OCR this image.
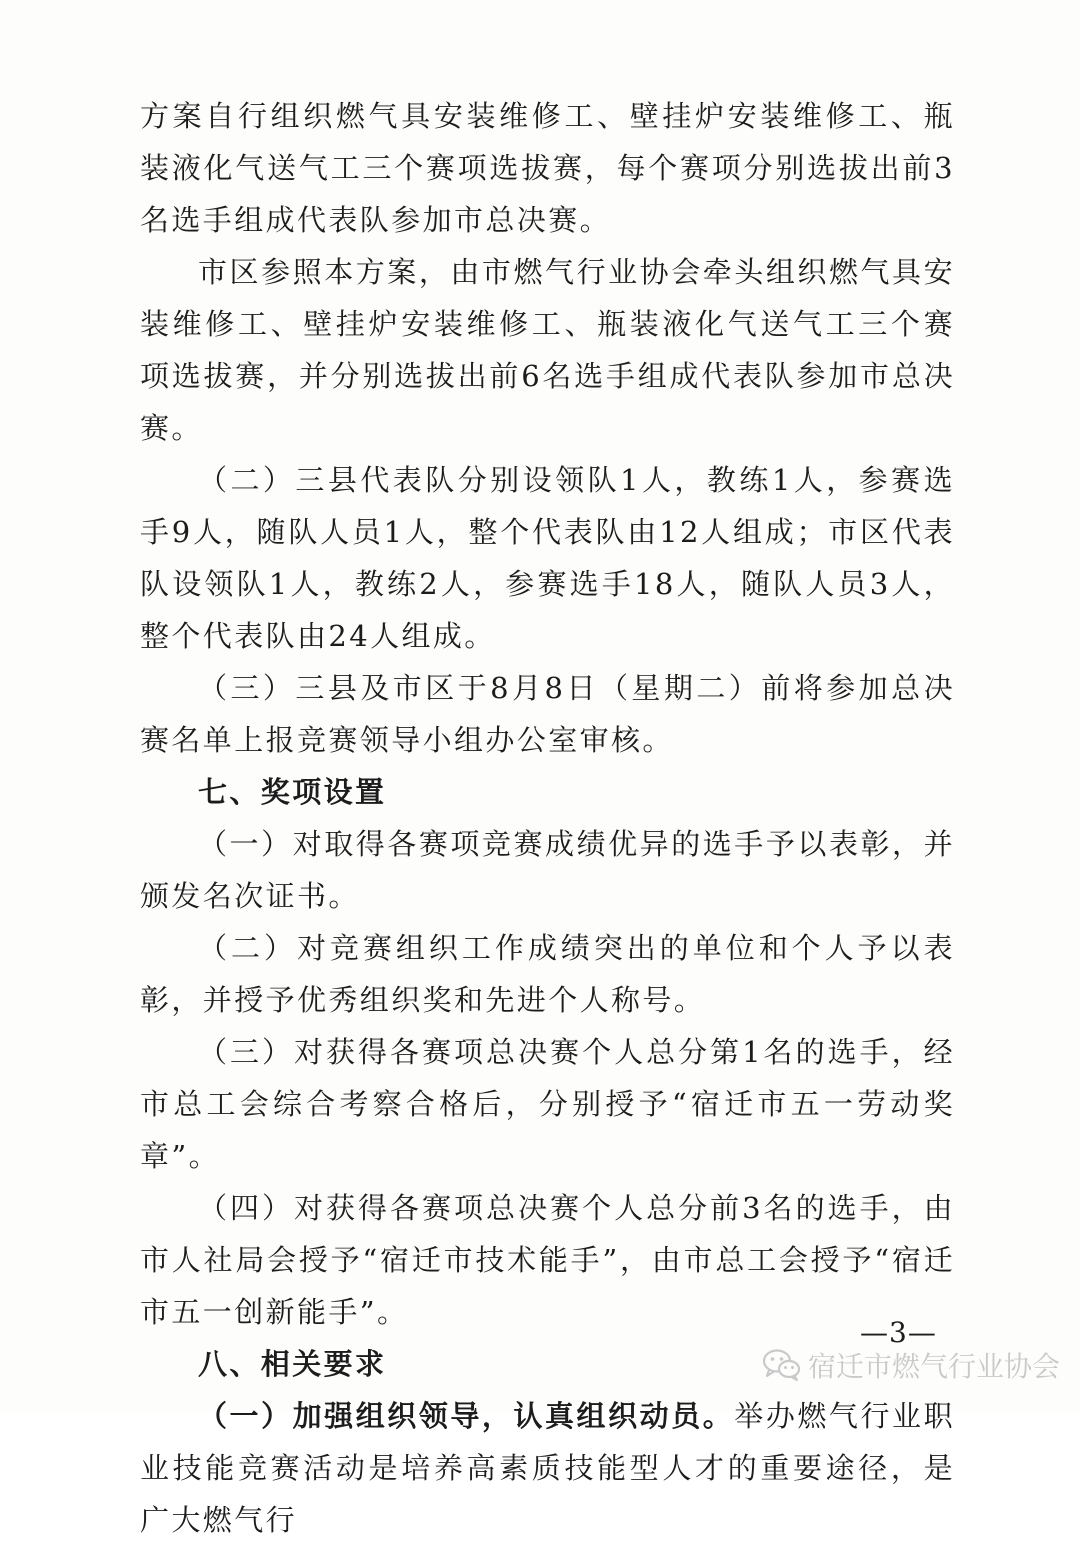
方案自行组织燃气具安装维修工、壁挂炉安装维修工、瓶装液化气送气工三个赛项选拔赛，每个赛项分别选拔出前3名选手组成代表队参加市总决赛。

市区参照本方案，由市燃气行业协会牵头组织燃气具安装维修工、壁挂炉安装维修工、瓶装液化气送气工三个赛项选拔赛，并分别选拔出前6名选手组成代表队参加市总决赛。

（二）三县代表队分别设领队1人，教练1人，参赛选手9人，随队人员1人，整个代表队由12人组成；市区代表队设领队1人，教练2人，参赛选手18人，随队人员3人，整个代表队由24人组成。

（三）三县及市区于8月8日（星期二）前将参加总决赛名单上报竞赛领导小组办公室审核。

七、奖项设置

（一）对取得各赛项竞赛成绩优异的选手予以表彰，并颁发名次证书。

（二）对竞赛组织工作成绩突出的单位和个人予以表彰，并授予优秀组织奖和先进个人称号。

（三）对获得各赛项总决赛个人总分第1名的选手，经市总工会综合考察合格后，分别授予“宿迁市五一劳动奖章”。

（四）对获得各赛项总决赛个人总分前3名的选手，由市人社局会授予“宿迁市技术能手”，由市总工会授予“宿迁市五一创新能手”。

八、相关要求

（一）加强组织领导，认真组织动员。举办燃气行业职业技能竞赛活动是培养高素质技能型人才的重要途径，是广大燃气行

—3—
宿迁市燃气行业协会
